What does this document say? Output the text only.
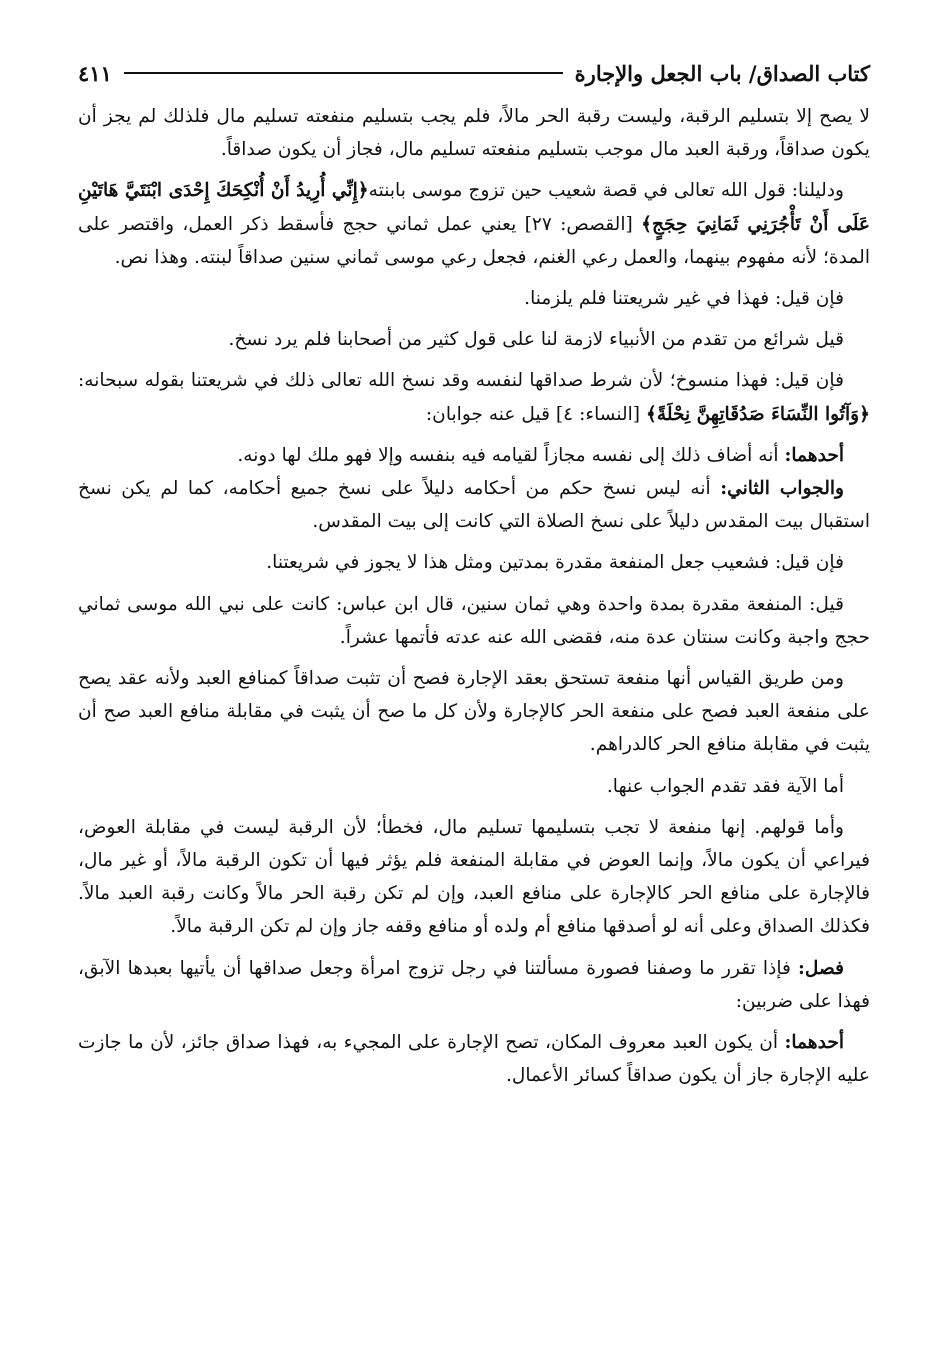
كتاب الصداق/ باب الجعل والإجارة
٤١١

لا يصح إلا بتسليم الرقبة، وليست رقبة الحر مالاً، فلم يجب بتسليم منفعته تسليم مال فلذلك لم يجز أن يكون صداقاً، ورقبة العبد مال موجب بتسليم منفعته تسليم مال، فجاز أن يكون صداقاً.

ودليلنا: قول الله تعالى في قصة شعيب حين تزوج موسى بابنته﴿إِنِّي أُرِيدُ أَنْ أُنْكِحَكَ إِحْدَى ابْنَتَيَّ هَاتَيْنِ عَلَى أَنْ تَأْجُرَنِي ثَمَانِيَ حِجَجٍ﴾ [القصص: ٢٧] يعني عمل ثماني حجج فأسقط ذكر العمل، واقتصر على المدة؛ لأنه مفهوم بينهما، والعمل رعي الغنم، فجعل رعي موسى ثماني سنين صداقاً لبنته. وهذا نص.

فإن قيل: فهذا في غير شريعتنا فلم يلزمنا.

قيل شرائع من تقدم من الأنبياء لازمة لنا على قول كثير من أصحابنا فلم يرد نسخ.

فإن قيل: فهذا منسوخ؛ لأن شرط صداقها لنفسه وقد نسخ الله تعالى ذلك في شريعتنا بقوله سبحانه: ﴿وَآتُوا النِّسَاءَ صَدُقَاتِهِنَّ نِحْلَةً﴾ [النساء: ٤] قيل عنه جوابان:

أحدهما: أنه أضاف ذلك إلى نفسه مجازاً لقيامه فيه بنفسه وإلا فهو ملك لها دونه.

والجواب الثاني: أنه ليس نسخ حكم من أحكامه دليلاً على نسخ جميع أحكامه، كما لم يكن نسخ استقبال بيت المقدس دليلاً على نسخ الصلاة التي كانت إلى بيت المقدس.

فإن قيل: فشعيب جعل المنفعة مقدرة بمدتين ومثل هذا لا يجوز في شريعتنا.

قيل: المنفعة مقدرة بمدة واحدة وهي ثمان سنين، قال ابن عباس: كانت على نبي الله موسى ثماني حجج واجبة وكانت سنتان عدة منه، فقضى الله عنه عدته فأتمها عشراً.

ومن طريق القياس أنها منفعة تستحق بعقد الإجارة فصح أن تثبت صداقاً كمنافع العبد ولأنه عقد يصح على منفعة العبد فصح على منفعة الحر كالإجارة ولأن كل ما صح أن يثبت في مقابلة منافع العبد صح أن يثبت في مقابلة منافع الحر كالدراهم.

أما الآية فقد تقدم الجواب عنها.

وأما قولهم. إنها منفعة لا تجب بتسليمها تسليم مال، فخطأ؛ لأن الرقبة ليست في مقابلة العوض، فيراعي أن يكون مالاً، وإنما العوض في مقابلة المنفعة فلم يؤثر فيها أن تكون الرقبة مالاً، أو غير مال، فالإجارة على منافع الحر كالإجارة على منافع العبد، وإن لم تكن رقبة الحر مالاً وكانت رقبة العبد مالاً. فكذلك الصداق وعلى أنه لو أصدقها منافع أم ولده أو منافع وقفه جاز وإن لم تكن الرقبة مالاً.

فصل: فإذا تقرر ما وصفنا فصورة مسألتنا في رجل تزوج امرأة وجعل صداقها أن يأتيها بعبدها الآبق، فهذا على ضربين:

أحدهما: أن يكون العبد معروف المكان، تصح الإجارة على المجيء به، فهذا صداق جائز، لأن ما جازت عليه الإجارة جاز أن يكون صداقاً كسائر الأعمال.
